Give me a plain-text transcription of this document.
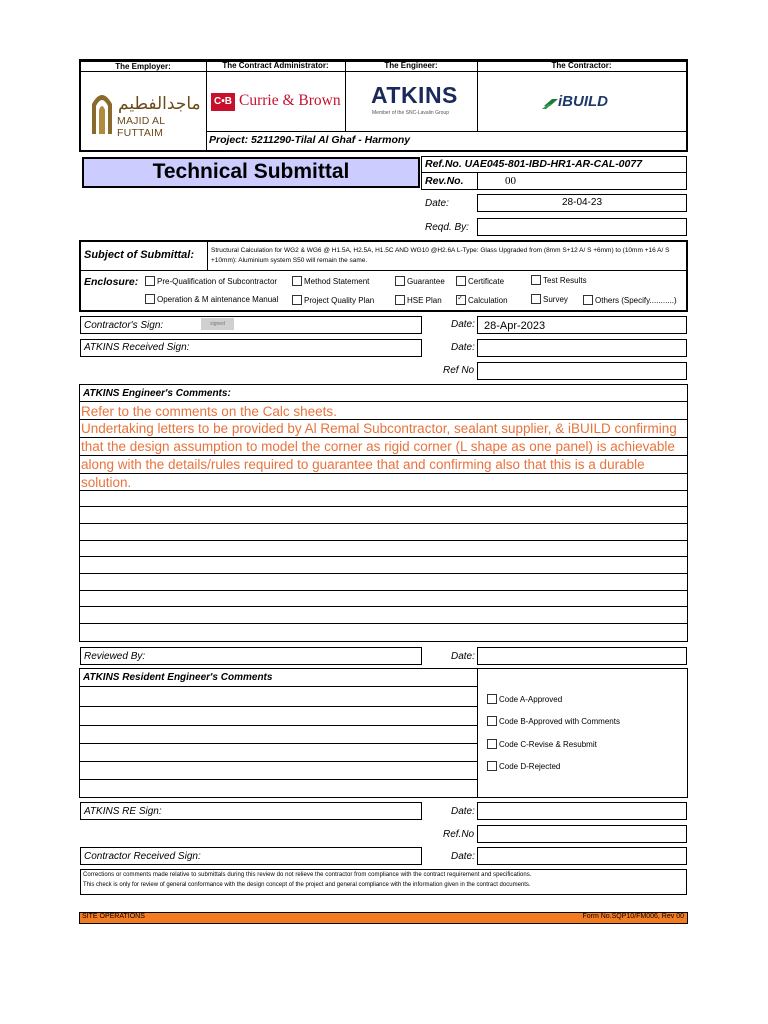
The Employer:	The Contract Administrator:	The Engineer:	The Contractor:
ماجدالفطيم
MAJID AL FUTTAIM
C•B Currie & Brown ATKINS
Member of the SNC-Lavalin Group
iBUILD
Project: 5211290-Tilal Al Ghaf - Harmony
Technical Submittal	Ref.No. UAE045-801-IBD-HR1-AR-CAL-0077
Rev.No.	00
Date:	28-04-23
Reqd. By:
Subject of Submittal:	Structural Calculation for WG2 & WG6 @ H1.5A, H2.5A, H1.5C AND WG10 @H2.6A L-Type: Glass Upgraded from (8mm S+12 A/ S +6mm) to (10mm +16 A/ S +10mm): Aluminium system S50 will remain the same.
Enclosure:	Pre-Qualification of Subcontractor	Method Statement	Guarantee	Certificate	Test Results
Operation & M aintenance Manual	Project Quality Plan	HSE Plan
✓	Calculation	Survey	Others (Specify...........)
Contractor's Sign:	signed	Date: 28-Apr-2023
ATKINS Received Sign:	Date:
Ref No
ATKINS Engineer's Comments:
Refer to the comments on the Calc sheets.
Undertaking letters to be provided by Al Remal Subcontractor, sealant supplier, & iBUILD confirming that the design assumption to model the corner as rigid corner (L shape as one panel) is achievable along with the details/rules required to guarantee that and confirming also that this is a durable solution.
Reviewed By:	Date:
ATKINS Resident Engineer's Comments
Code A-Approved
Code B-Approved with Comments
Code C-Revise & Resubmit
Code D-Rejected
ATKINS RE Sign:	Date:
Ref.No
Contractor Received Sign:	Date:
Corrections or comments made relative to submittals during this review do not relieve the contractor from compliance with the contract requirement and specifications.
This check is only for review of general conformance with the design concept of the project and general compliance with the information given in the contract documents.
SITE OPERATIONS	Form No.SQP10/FM006, Rev 00
